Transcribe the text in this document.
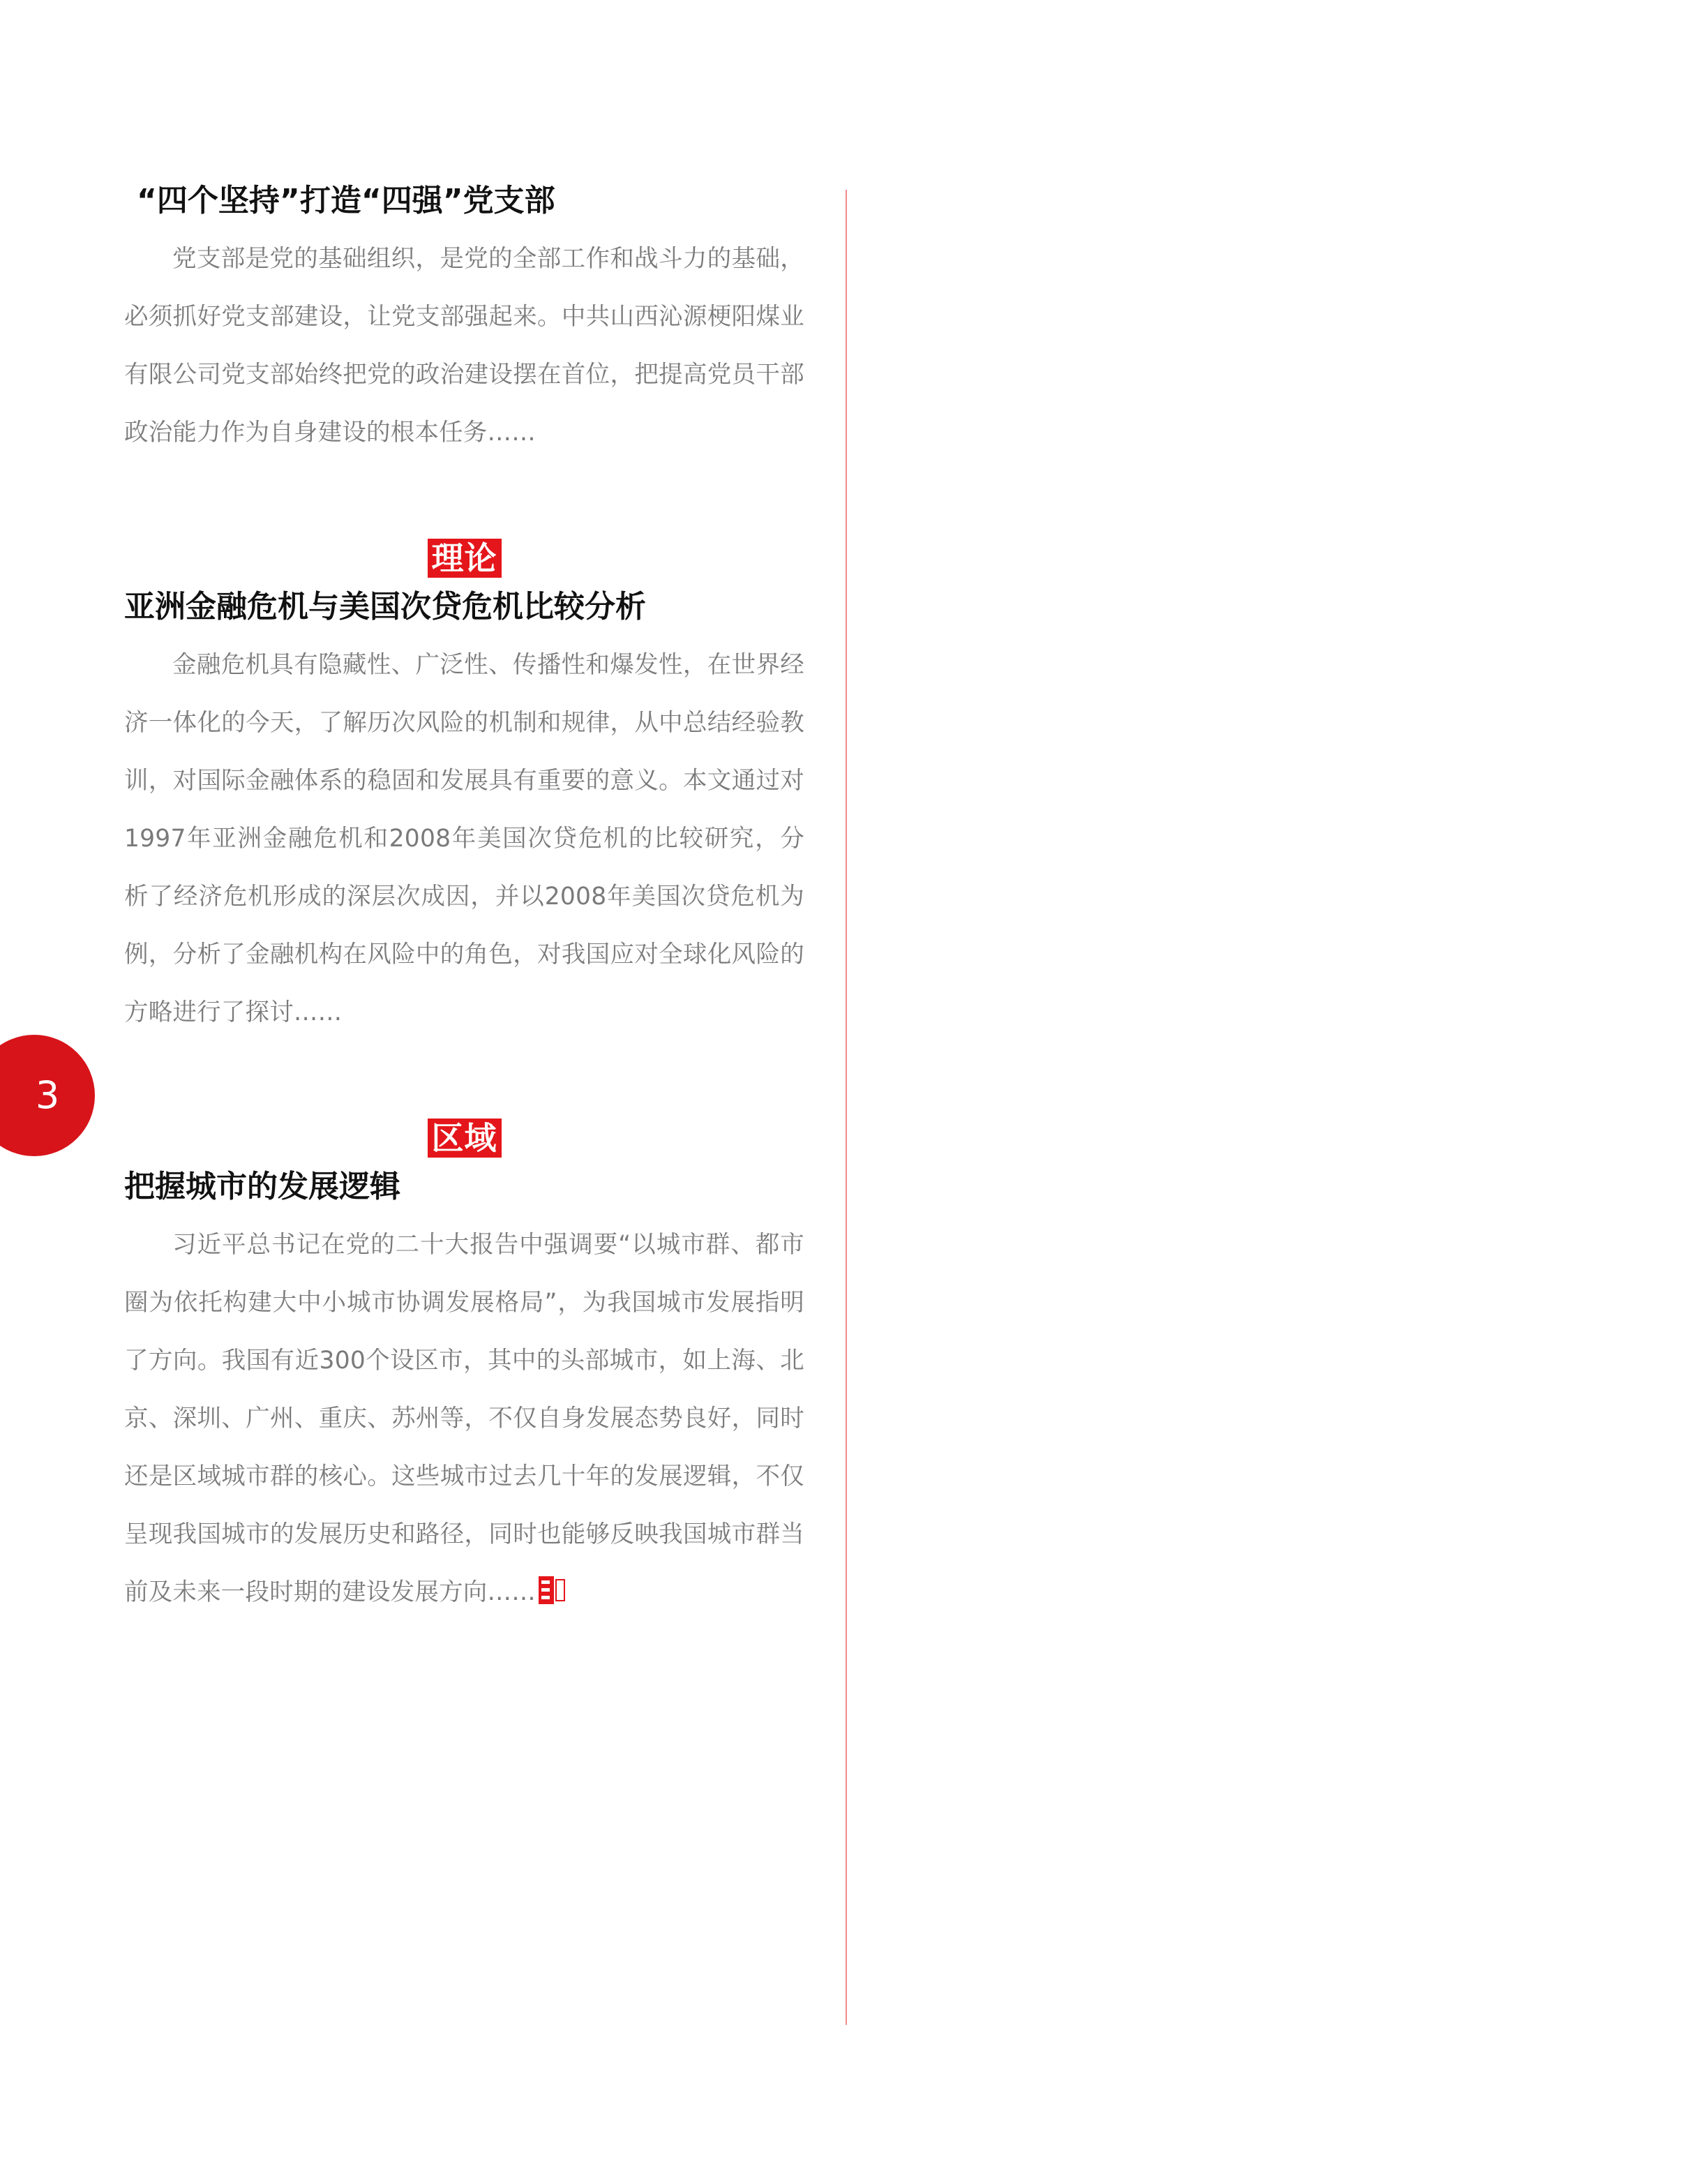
“四个坚持”打造“四强”党支部

党支部是党的基础组织，是党的全部工作和战斗力的基础，必须抓好党支部建设，让党支部强起来。中共山西沁源梗阳煤业有限公司党支部始终把党的政治建设摆在首位，把提高党员干部政治能力作为自身建设的根本任务……

理论
亚洲金融危机与美国次贷危机比较分析

金融危机具有隐藏性、广泛性、传播性和爆发性，在世界经济一体化的今天，了解历次风险的机制和规律，从中总结经验教训，对国际金融体系的稳固和发展具有重要的意义。本文通过对1997年亚洲金融危机和2008年美国次贷危机的比较研究，分析了经济危机形成的深层次成因，并以2008年美国次贷危机为例，分析了金融机构在风险中的角色，对我国应对全球化风险的方略进行了探讨……

区域
把握城市的发展逻辑

习近平总书记在党的二十大报告中强调要“以城市群、都市圈为依托构建大中小城市协调发展格局”，为我国城市发展指明了方向。我国有近300个设区市，其中的头部城市，如上海、北京、深圳、广州、重庆、苏州等，不仅自身发展态势良好，同时还是区域城市群的核心。这些城市过去几十年的发展逻辑，不仅呈现我国城市的发展历史和路径，同时也能够反映我国城市群当前及未来一段时期的建设发展方向……

3
